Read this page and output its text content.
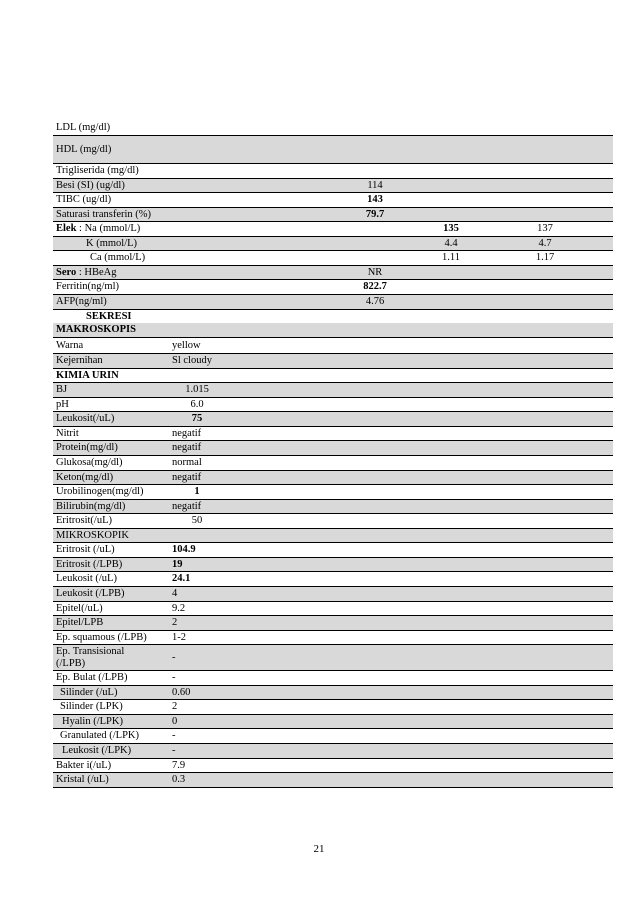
LDL (mg/dl)							
HDL (mg/dl)							
Trigliserida (mg/dl)							
Besi (SI) (ug/dl)				114			
TIBC (ug/dl)				143			
Saturasi transferin (%)				79.7			
Elek : Na (mmol/L)					135	137	
K (mmol/L)					4.4	4.7	
Ca (mmol/L)					1.11	1.17	
Sero : HBeAg				NR			
Ferritin(ng/ml)				822.7			
AFP(ng/ml)				4.76			
SEKRESI							
MAKROSKOPIS							
Warna	yellow						
Kejernihan	Sl cloudy						
KIMIA URIN							
BJ	1.015						
pH	6.0						
Leukosit(/uL)	75						
Nitrit	negatif						
Protein(mg/dl)	negatif						
Glukosa(mg/dl)	normal						
Keton(mg/dl)	negatif						
Urobilinogen(mg/dl)	1						
Bilirubin(mg/dl)	negatif						
Eritrosit(/uL)	50						
MIKROSKOPIK							
Eritrosit (/uL)	104.9						
Eritrosit (/LPB)	19						
Leukosit (/uL)	24.1						
Leukosit (/LPB)	4						
Epitel(/uL)	9.2						
Epitel/LPB	2						
Ep. squamous (/LPB)	1-2						
Ep. Transisional
(/LPB)	-						
Ep. Bulat (/LPB)	-						
Silinder (/uL)	0.60						
Silinder (LPK)	2						
Hyalin (/LPK)	0						
Granulated (/LPK)	-						
Leukosit (/LPK)	-						
Bakter i(/uL)	7.9						
Kristal (/uL)	0.3						
21
